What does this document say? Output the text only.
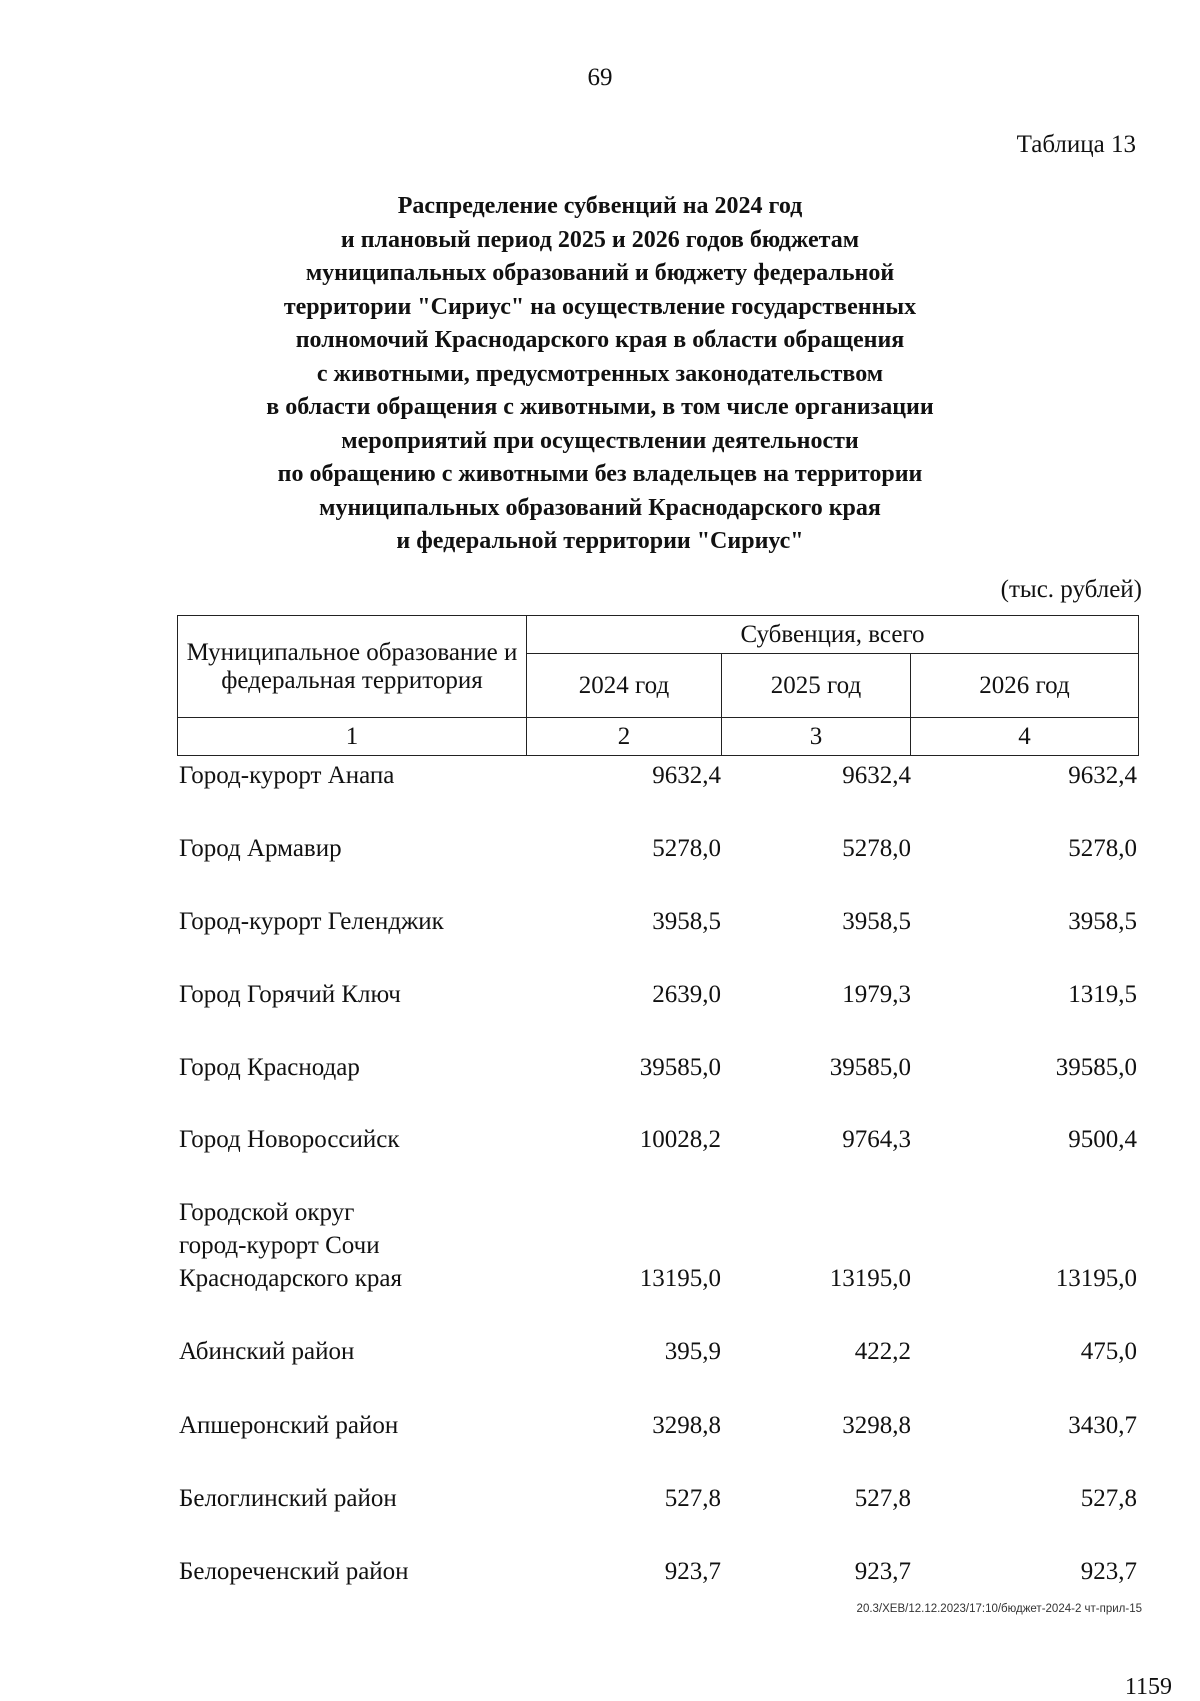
69
Таблица 13
Распределение субвенций на 2024 год
и плановый период 2025 и 2026 годов бюджетам
муниципальных образований и бюджету федеральной
территории "Сириус" на осуществление государственных
полномочий Краснодарского края в области обращения
с животными, предусмотренных законодательством
в области обращения с животными, в том числе организации
мероприятий при осуществлении деятельности
по обращению с животными без владельцев на территории
муниципальных образований Краснодарского края
и федеральной территории "Сириус"
(тыс. рублей)
Муниципальное образование и федеральная территория	Субвенция, всего		
	2024 год	2025 год	2026 год
1	2	3	4
Город-курорт Анапа	9632,4	9632,4	9632,4
Город Армавир	5278,0	5278,0	5278,0
Город-курорт Геленджик	3958,5	3958,5	3958,5
Город Горячий Ключ	2639,0	1979,3	1319,5
Город Краснодар	39585,0	39585,0	39585,0
Город Новороссийск	10028,2	9764,3	9500,4
Городской округ
город-курорт Сочи
Краснодарского края	13195,0	13195,0	13195,0
Абинский район	395,9	422,2	475,0
Апшеронский район	3298,8	3298,8	3430,7
Белоглинский район	527,8	527,8	527,8
Белореченский район	923,7	923,7	923,7
20.3/ХЕВ/12.12.2023/17:10/бюджет-2024-2 чт-прил-15
1159
